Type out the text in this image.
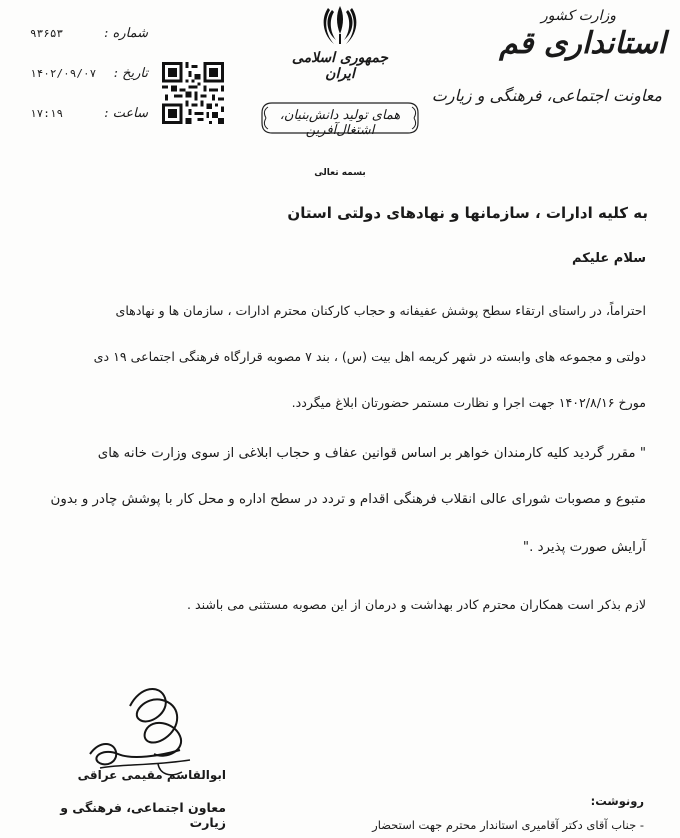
وزارت کشور
استانداری قم
معاونت اجتماعی، فرهنگی و زیارت
جمهوری اسلامی ایران
همای تولید دانش‌بنیان، اشتغال‌آفرین
شماره :
۹۳۶۵۳
تاریخ :
۱۴۰۲/۰۹/۰۷
ساعت :
۱۷:۱۹
بسمه تعالی
به کلیه ادارات ، سازمانها و نهادهای دولتی استان
سلام علیکم
احتراماً، در راستای ارتقاء سطح پوشش عفیفانه و حجاب کارکنان محترم ادارات ، سازمان ها و نهادهای
دولتی و مجموعه های وابسته در شهر کریمه اهل بیت (س) ، بند ۷ مصوبه قرارگاه فرهنگی اجتماعی ۱۹ دی
مورخ ۱۴۰۲/۸/۱۶ جهت اجرا و نظارت مستمر حضورتان ابلاغ میگردد.
" مقرر گردید کلیه کارمندان خواهر بر اساس قوانین عفاف و حجاب ابلاغی از سوی وزارت خانه های
متبوع و مصوبات شورای عالی انقلاب فرهنگی اقدام و تردد در سطح اداره و محل کار با پوشش چادر و بدون
آرایش صورت پذیرد ."
لازم بذکر است همکاران محترم کادر بهداشت و درمان از این مصوبه مستثنی می باشند .
ابوالقاسم مقیمی عراقی
معاون اجتماعی، فرهنگی و زیارت
رونوشت:
- جناب آقای دکتر آقامیری استاندار محترم جهت استحضار
